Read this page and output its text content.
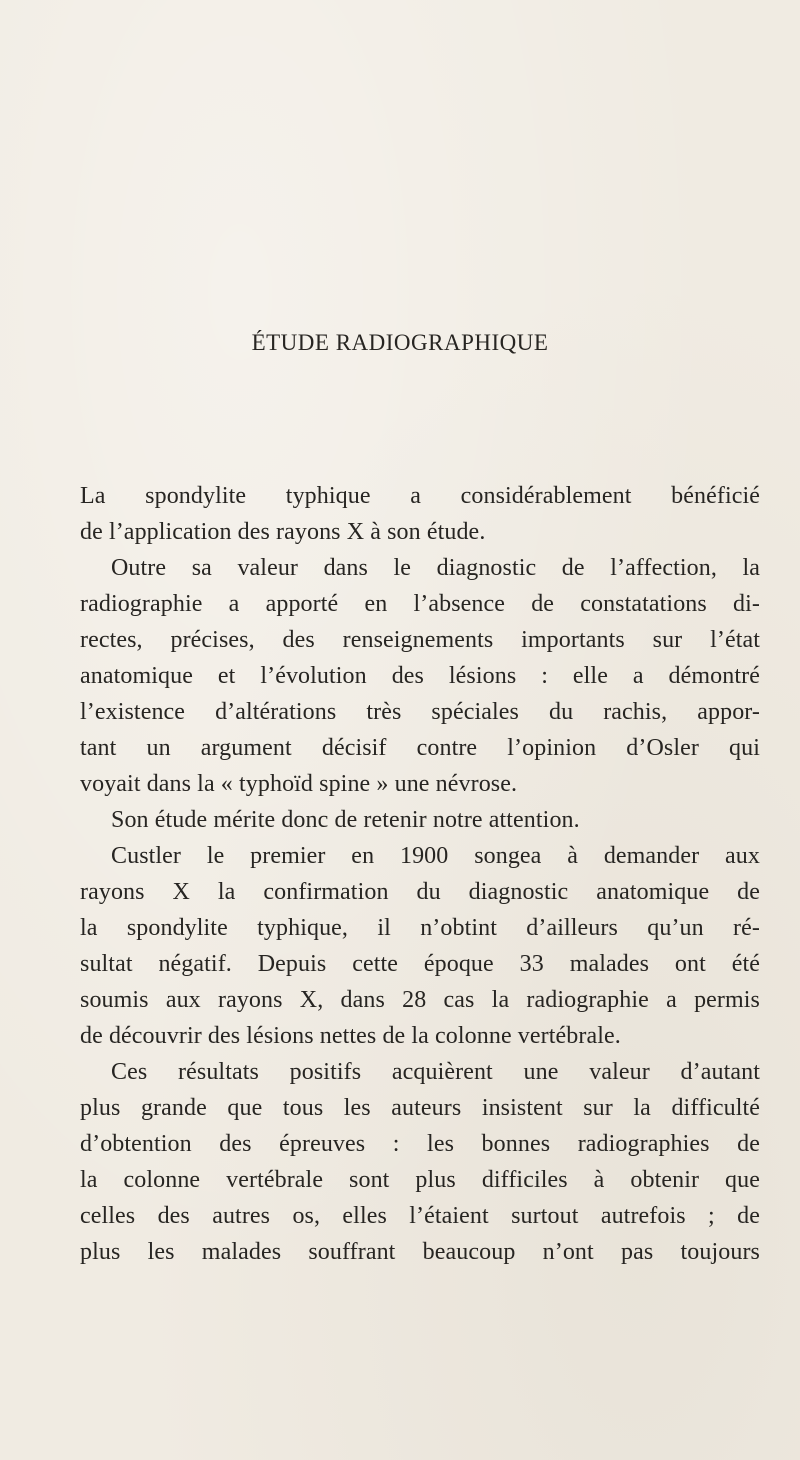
ÉTUDE RADIOGRAPHIQUE
La spondylite typhique a considérablement bénéficié
de l’application des rayons X à son étude.
Outre sa valeur dans le diagnostic de l’affection, la
radiographie a apporté en l’absence de constatations di-
rectes, précises, des renseignements importants sur l’état
anatomique et l’évolution des lésions : elle a démontré
l’existence d’altérations très spéciales du rachis, appor-
tant un argument décisif contre l’opinion d’Osler qui
voyait dans la « typhoïd spine » une névrose.
Son étude mérite donc de retenir notre attention.
Custler le premier en 1900 songea à demander aux
rayons X la confirmation du diagnostic anatomique de
la spondylite typhique, il n’obtint d’ailleurs qu’un ré-
sultat négatif. Depuis cette époque 33 malades ont été
soumis aux rayons X, dans 28 cas la radiographie a permis
de découvrir des lésions nettes de la colonne vertébrale.
Ces résultats positifs acquièrent une valeur d’autant
plus grande que tous les auteurs insistent sur la difficulté
d’obtention des épreuves : les bonnes radiographies de
la colonne vertébrale sont plus difficiles à obtenir que
celles des autres os, elles l’étaient surtout autrefois ; de
plus les malades souffrant beaucoup n’ont pas toujours
